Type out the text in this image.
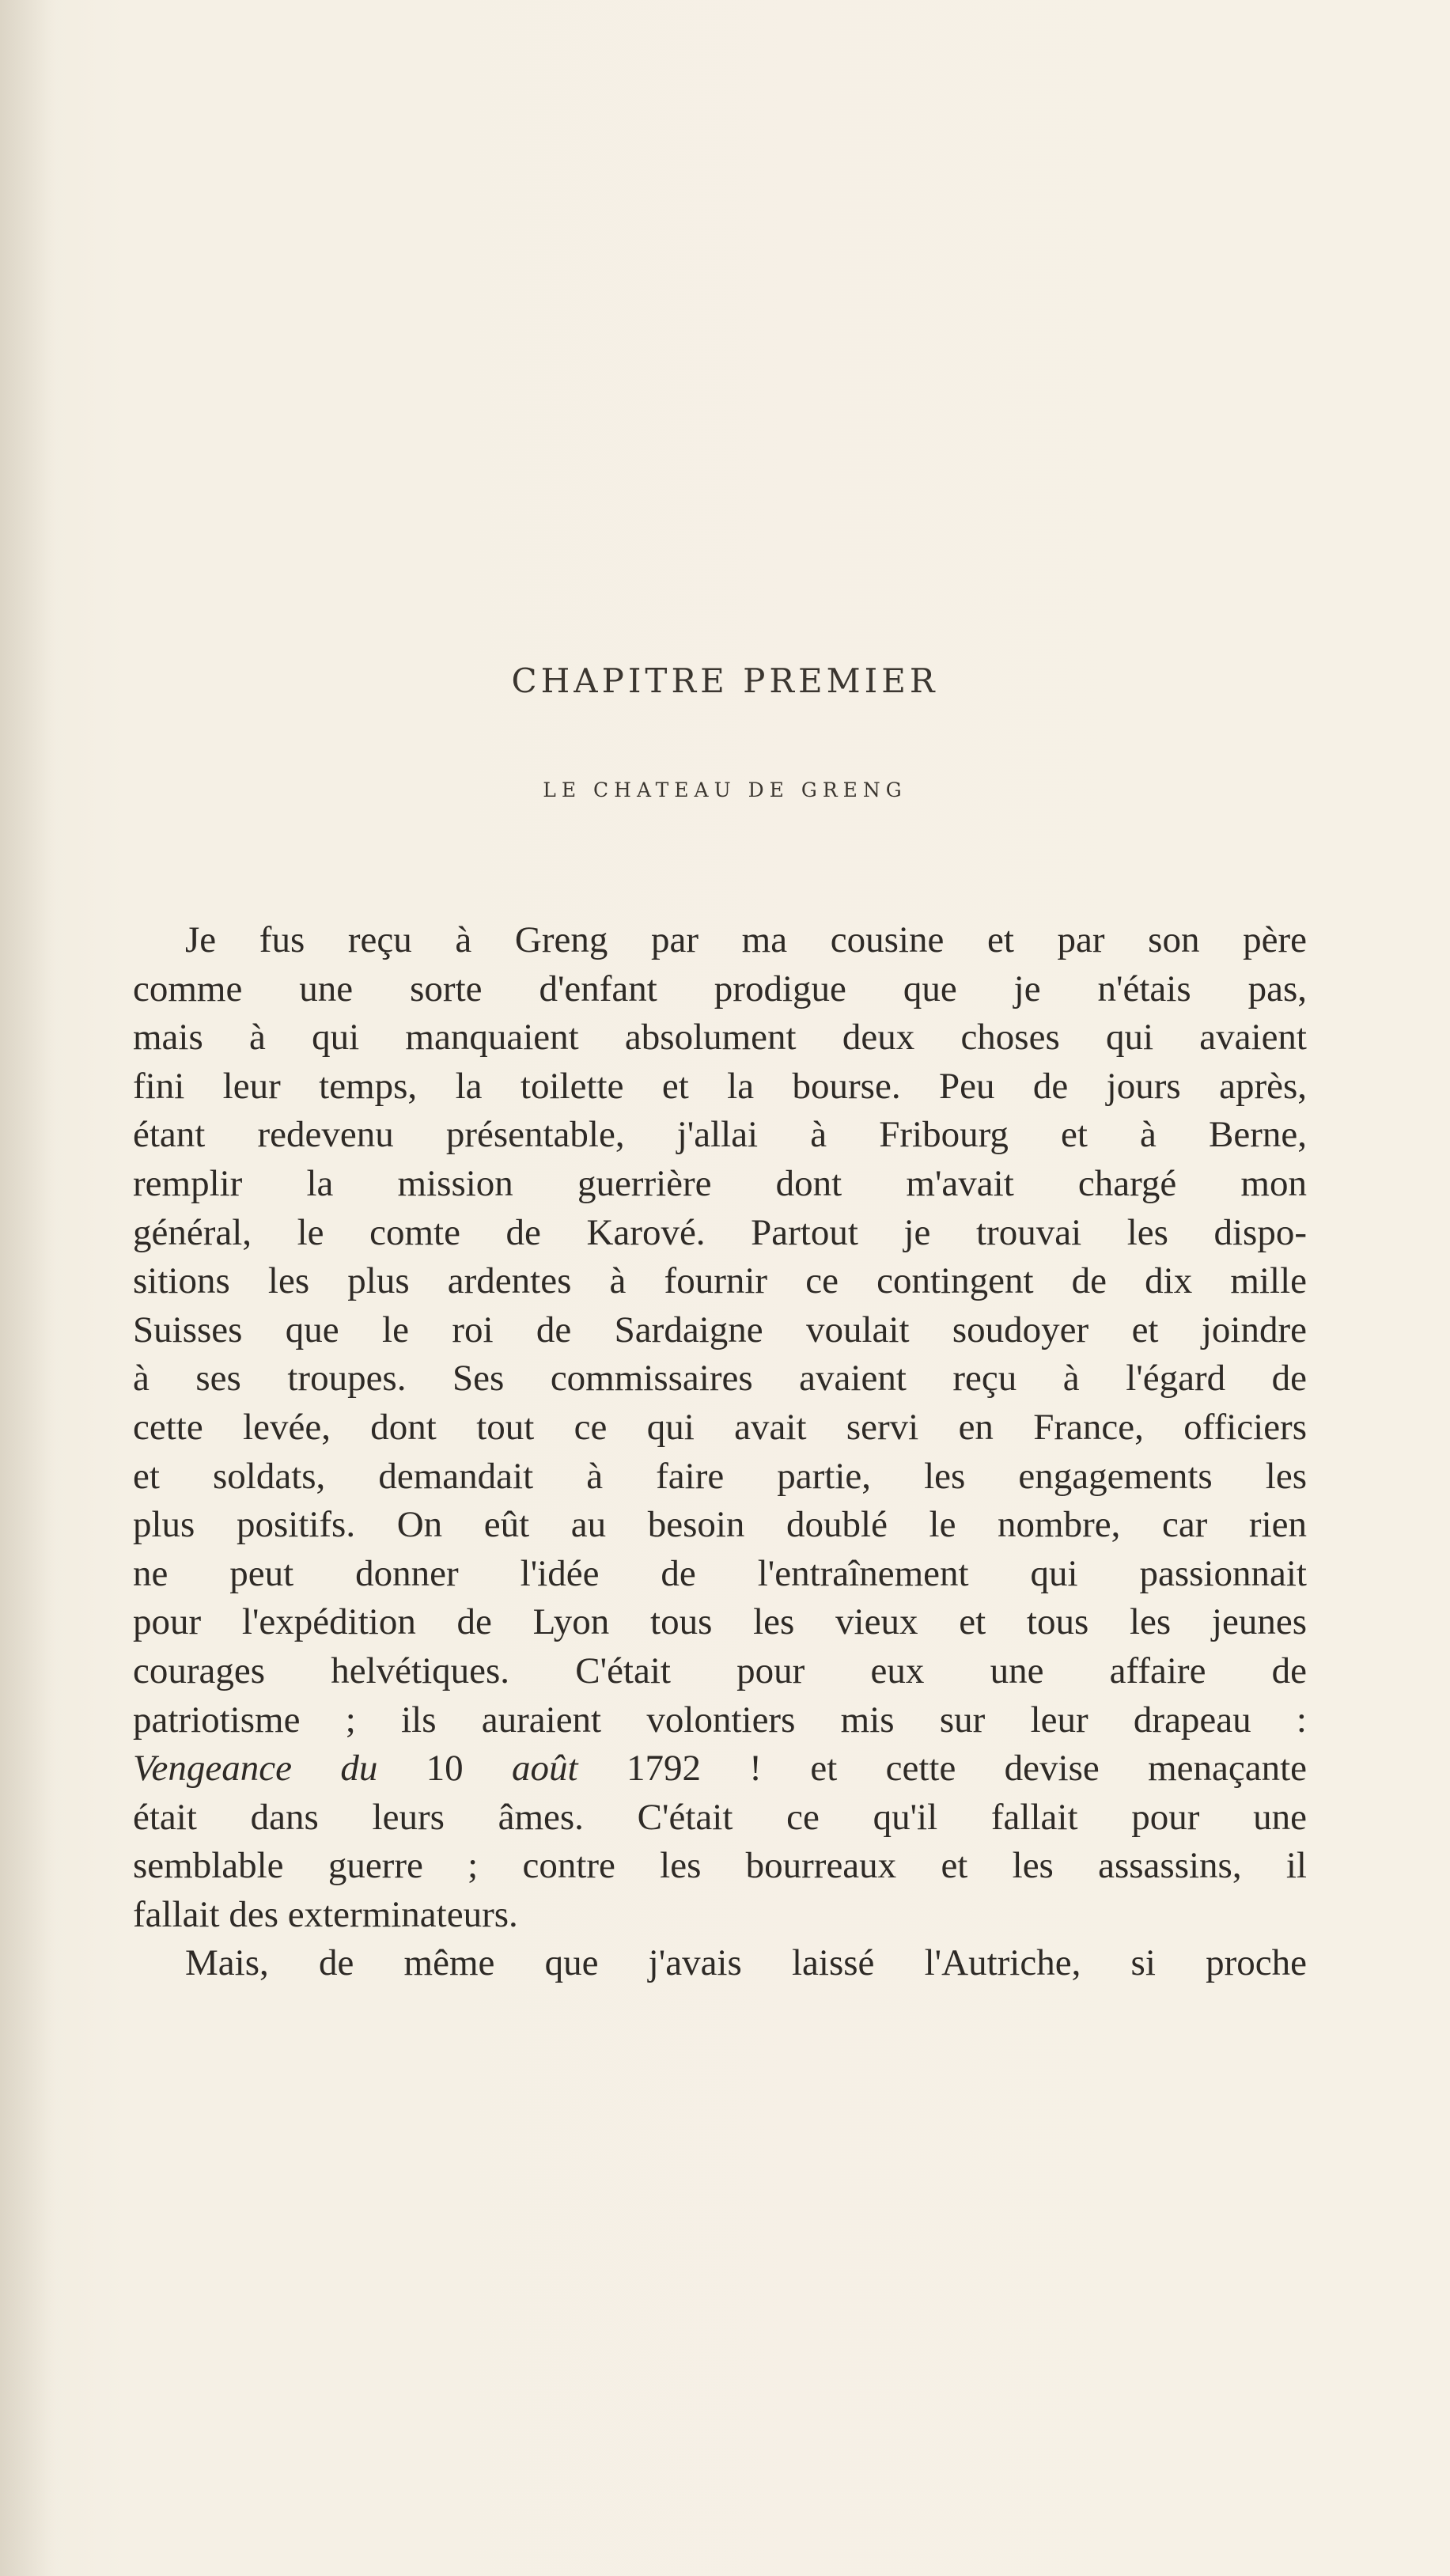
CHAPITRE PREMIER
LE CHATEAU DE GRENG
Je fus reçu à Greng par ma cousine et par son père
comme une sorte d'enfant prodigue que je n'étais pas,
mais à qui manquaient absolument deux choses qui avaient
fini leur temps, la toilette et la bourse. Peu de jours après,
étant redevenu présentable, j'allai à Fribourg et à Berne,
remplir la mission guerrière dont m'avait chargé mon
général, le comte de Karové. Partout je trouvai les dispo-
sitions les plus ardentes à fournir ce contingent de dix mille
Suisses que le roi de Sardaigne voulait soudoyer et joindre
à ses troupes. Ses commissaires avaient reçu à l'égard de
cette levée, dont tout ce qui avait servi en France, officiers
et soldats, demandait à faire partie, les engagements les
plus positifs. On eût au besoin doublé le nombre, car rien
ne peut donner l'idée de l'entraînement qui passionnait
pour l'expédition de Lyon tous les vieux et tous les jeunes
courages helvétiques. C'était pour eux une affaire de
patriotisme ; ils auraient volontiers mis sur leur drapeau :
Vengeance du 10 août 1792 ! et cette devise menaçante
était dans leurs âmes. C'était ce qu'il fallait pour une
semblable guerre ; contre les bourreaux et les assassins, il
fallait des exterminateurs.
Mais, de même que j'avais laissé l'Autriche, si proche
